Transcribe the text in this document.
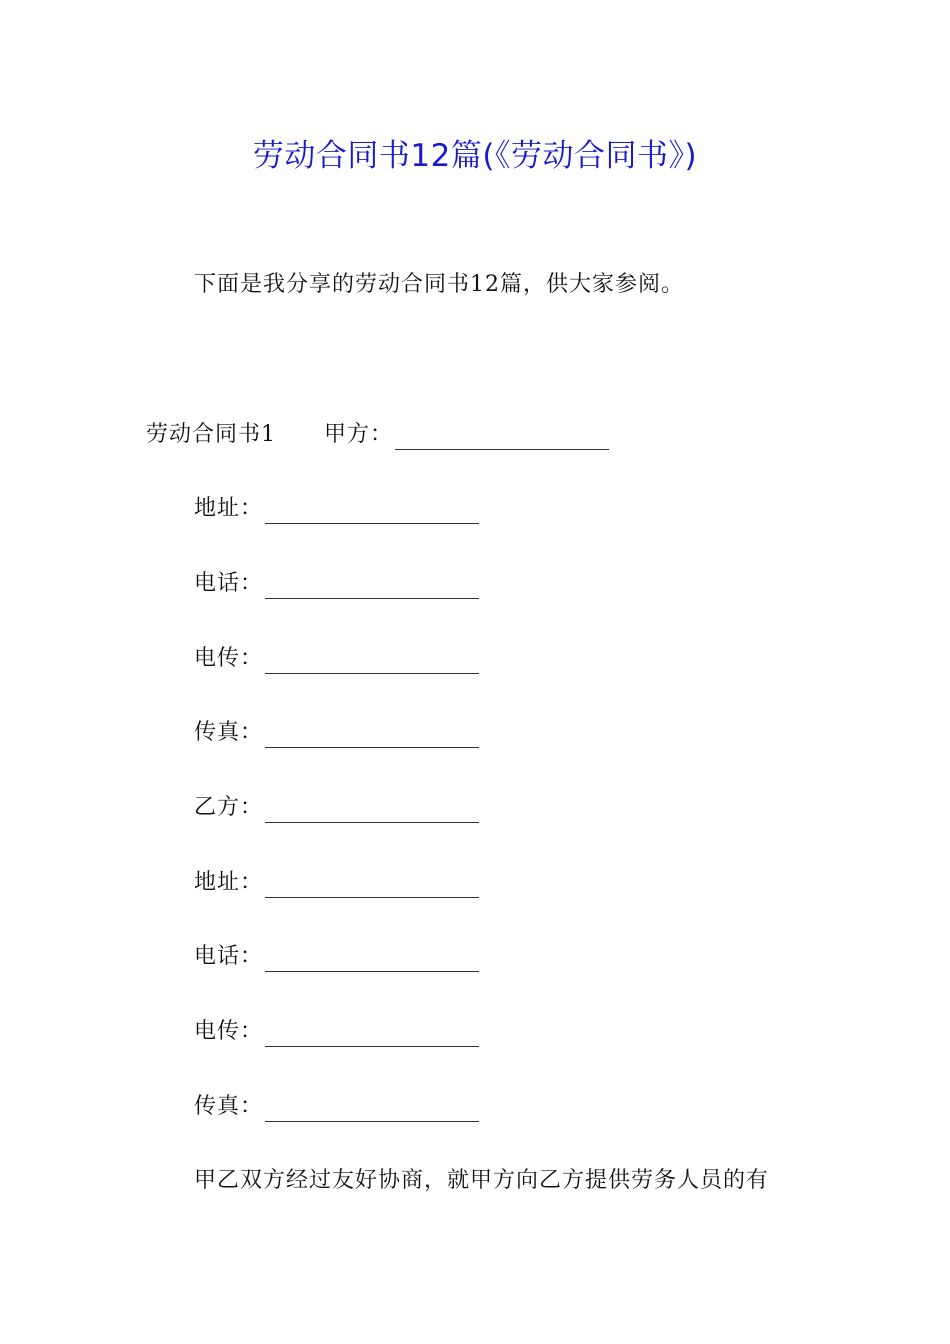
劳动合同书12篇(《劳动合同书》)
下面是我分享的劳动合同书12篇，供大家参阅。
劳动合同书1 甲方：
地址：
电话：
电传：
传真：
乙方：
地址：
电话：
电传：
传真：
甲乙双方经过友好协商，就甲方向乙方提供劳务人员的有
